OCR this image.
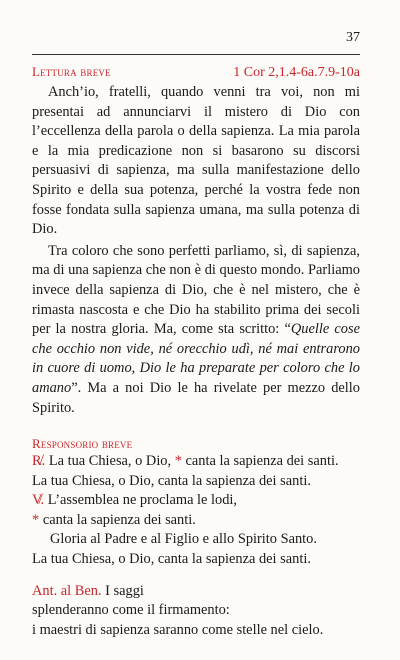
37
Lettura breve	1 Cor 2,1.4-6a.7.9-10a

Anch’io, fratelli, quando venni tra voi, non mi presentai ad annunciarvi il mistero di Dio con l’eccellenza della parola o della sapienza. La mia parola e la mia predicazione non si basarono su discorsi persuasivi di sapienza, ma sulla manifestazione dello Spirito e della sua potenza, perché la vostra fede non fosse fondata sulla sapienza umana, ma sulla potenza di Dio.

Tra coloro che sono perfetti parliamo, sì, di sapienza, ma di una sapienza che non è di questo mondo. Parliamo invece della sapienza di Dio, che è nel mistero, che è rimasta nascosta e che Dio ha stabilito prima dei secoli per la nostra gloria. Ma, come sta scritto: “Quelle cose che occhio non vide, né orecchio udì, né mai entrarono in cuore di uomo, Dio le ha preparate per coloro che lo amano”. Ma a noi Dio le ha rivelate per mezzo dello Spirito.

Responsorio breve

R̸. La tua Chiesa, o Dio, * canta la sapienza dei santi.

La tua Chiesa, o Dio, canta la sapienza dei santi.

V̸. L’assemblea ne proclama le lodi,

* canta la sapienza dei santi.

Gloria al Padre e al Figlio e allo Spirito Santo.

La tua Chiesa, o Dio, canta la sapienza dei santi.

Ant. al Ben. I saggi

splenderanno come il firmamento:

i maestri di sapienza saranno come stelle nel cielo.
